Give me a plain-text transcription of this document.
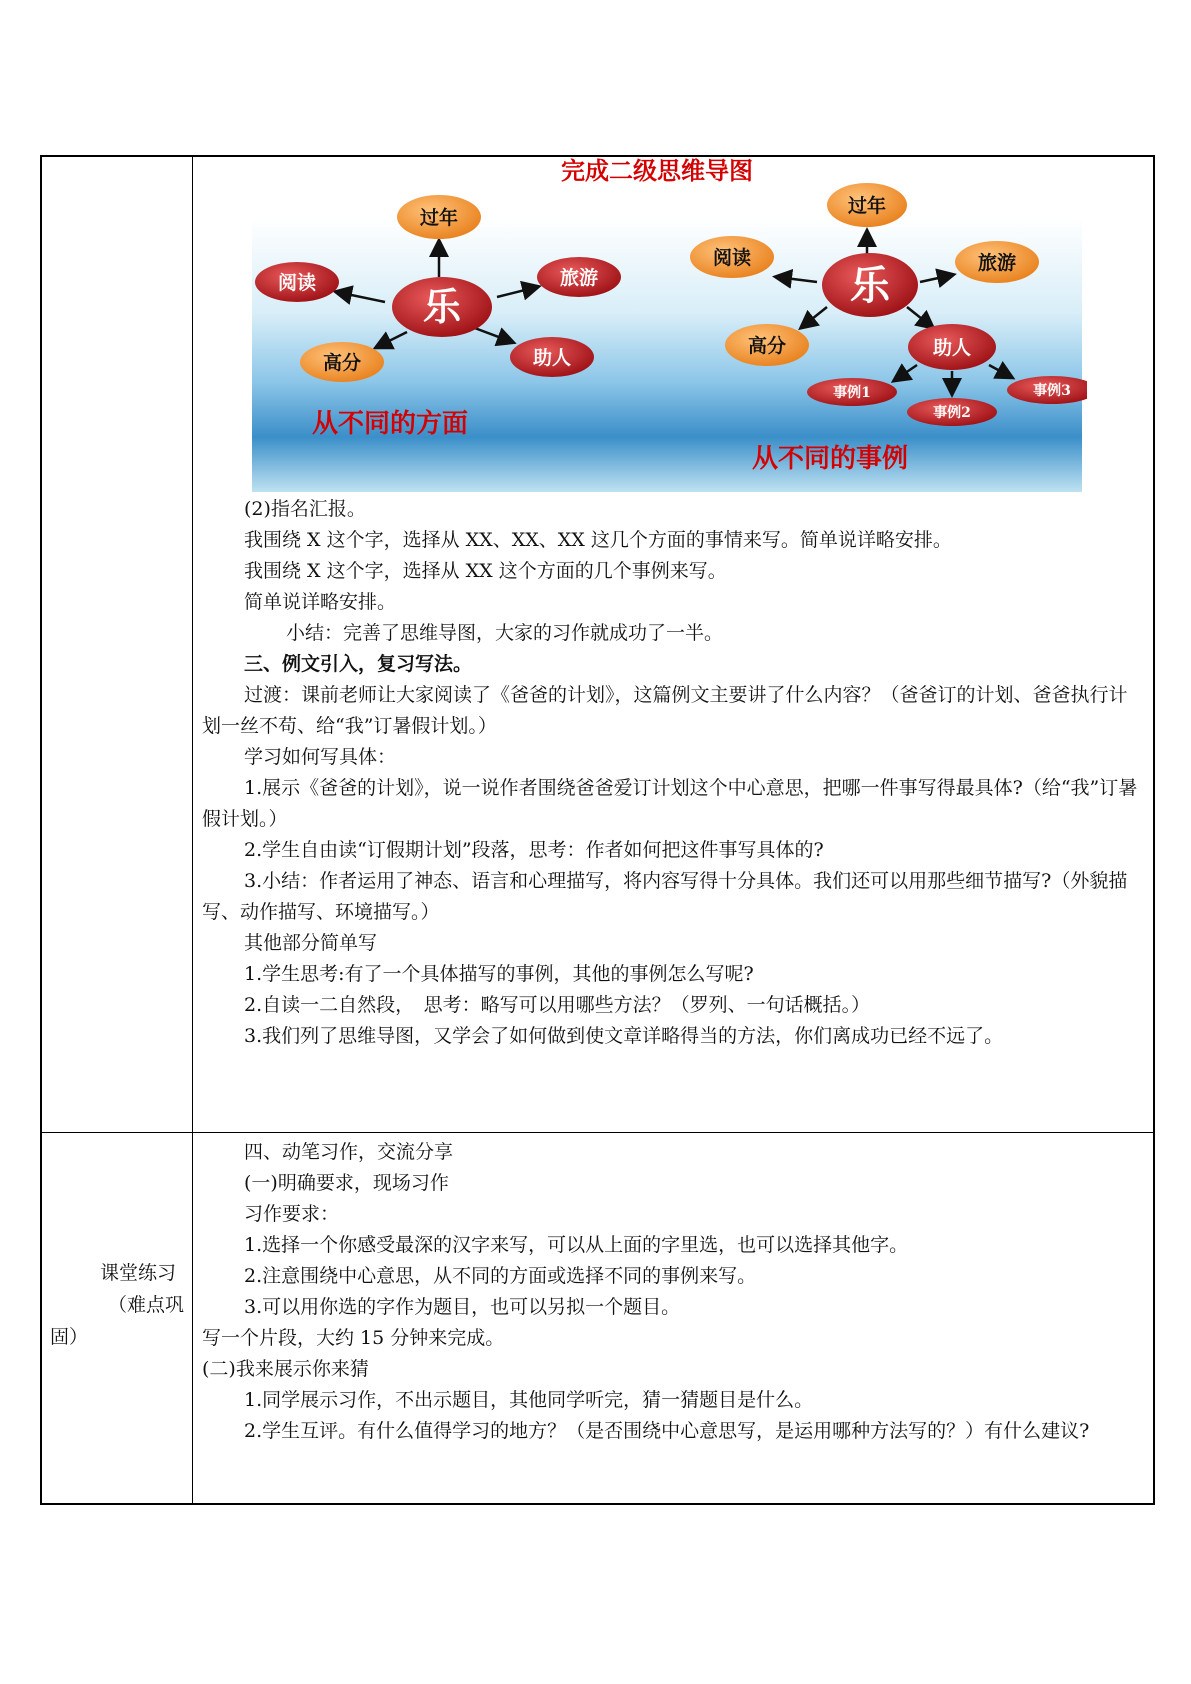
课堂练习
（难点巩
固）
完成二级思维导图
乐
过年
阅读	旅游
高分	助人
从不同的方面
乐
过年
阅读	旅游
高分	助人
事例1
事例2
事例3
从不同的事例

(2)指名汇报。

我围绕 X 这个字，选择从 XX、XX、XX 这几个方面的事情来写。简单说详略安排。

我围绕 X 这个字，选择从 XX 这个方面的几个事例来写。

简单说详略安排。

小结：完善了思维导图，大家的习作就成功了一半。

三、例文引入，复习写法。

过渡：课前老师让大家阅读了《爸爸的计划》，这篇例文主要讲了什么内容？（爸爸订的计划、爸爸执行计划一丝不苟、给“我”订暑假计划。）

学习如何写具体：

1.展示《爸爸的计划》，说一说作者围绕爸爸爱订计划这个中心意思，把哪一件事写得最具体?（给“我”订暑假计划。）

2.学生自由读“订假期计划”段落，思考：作者如何把这件事写具体的?

3.小结：作者运用了神态、语言和心理描写，将内容写得十分具体。我们还可以用那些细节描写?（外貌描写、动作描写、环境描写。）

其他部分简单写

1.学生思考:有了一个具体描写的事例，其他的事例怎么写呢?

2.自读一二自然段，　思考：略写可以用哪些方法？（罗列、一句话概括。）

3.我们列了思维导图，又学会了如何做到使文章详略得当的方法，你们离成功已经不远了。

四、动笔习作，交流分享

(一)明确要求，现场习作

习作要求：

1.选择一个你感受最深的汉字来写，可以从上面的字里选，也可以选择其他字。

2.注意围绕中心意思，从不同的方面或选择不同的事例来写。

3.可以用你选的字作为题目，也可以另拟一个题目。

写一个片段，大约 15 分钟来完成。

(二)我来展示你来猜

1.同学展示习作，不出示题目，其他同学听完，猜一猜题目是什么。

2.学生互评。有什么值得学习的地方？（是否围绕中心意思写，是运用哪种方法写的？）有什么建议?
